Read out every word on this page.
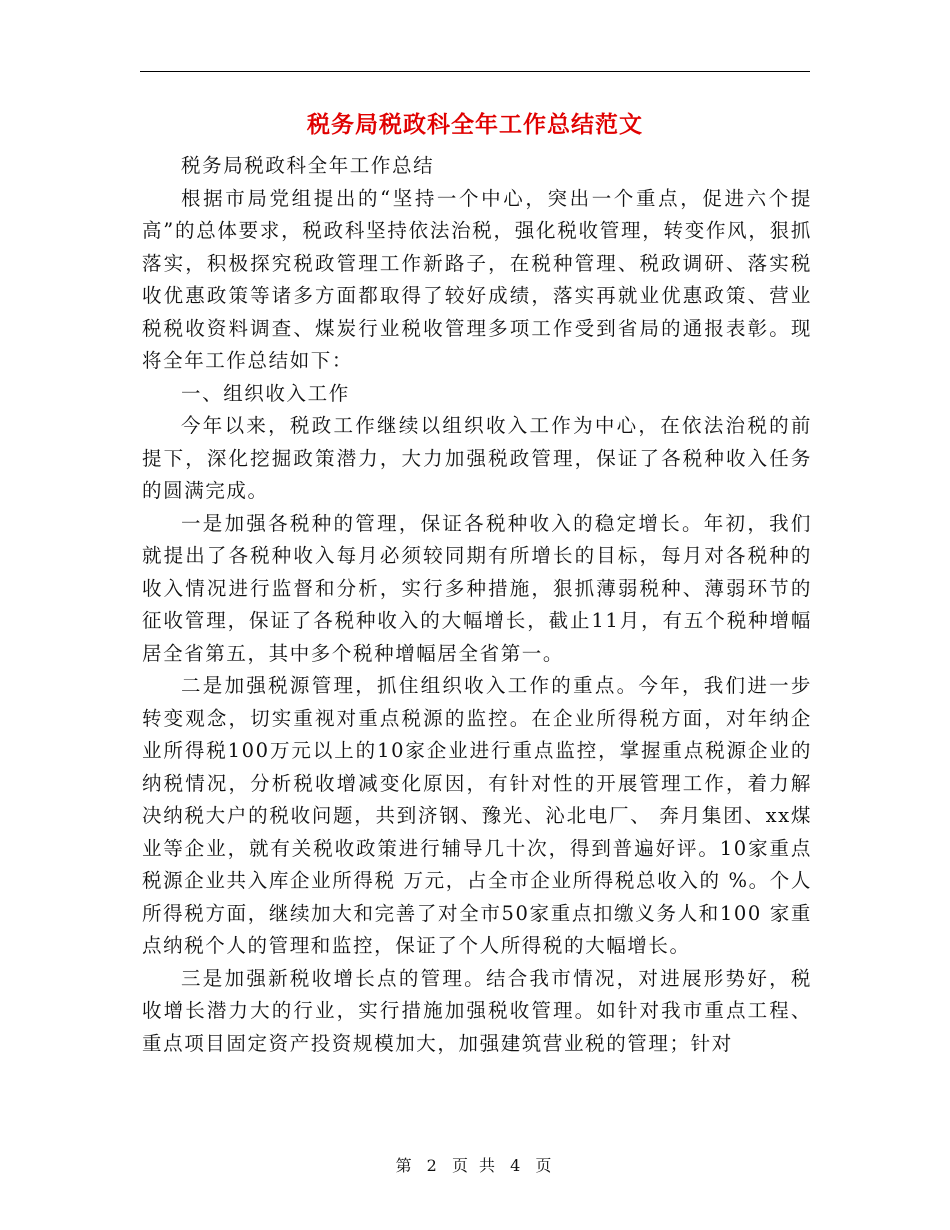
税务局税政科全年工作总结范文

税务局税政科全年工作总结

根据市局党组提出的“坚持一个中心，突出一个重点，促进六个提高”的总体要求，税政科坚持依法治税，强化税收管理，转变作风，狠抓落实，积极探究税政管理工作新路子，在税种管理、税政调研、落实税收优惠政策等诸多方面都取得了较好成绩，落实再就业优惠政策、营业税税收资料调查、煤炭行业税收管理多项工作受到省局的通报表彰。现将全年工作总结如下：

一、组织收入工作

今年以来，税政工作继续以组织收入工作为中心，在依法治税的前提下，深化挖掘政策潜力，大力加强税政管理，保证了各税种收入任务的圆满完成。

一是加强各税种的管理，保证各税种收入的稳定增长。年初，我们就提出了各税种收入每月必须较同期有所增长的目标，每月对各税种的收入情况进行监督和分析，实行多种措施，狠抓薄弱税种、薄弱环节的征收管理，保证了各税种收入的大幅增长，截止11月，有五个税种增幅居全省第五，其中多个税种增幅居全省第一。

二是加强税源管理，抓住组织收入工作的重点。今年，我们进一步转变观念，切实重视对重点税源的监控。在企业所得税方面，对年纳企业所得税100万元以上的10家企业进行重点监控，掌握重点税源企业的纳税情况，分析税收增减变化原因，有针对性的开展管理工作，着力解决纳税大户的税收问题，共到济钢、豫光、沁北电厂、 奔月集团、xx煤业等企业，就有关税收政策进行辅导几十次，得到普遍好评。10家重点税源企业共入库企业所得税 万元，占全市企业所得税总收入的 %。个人所得税方面，继续加大和完善了对全市50家重点扣缴义务人和100 家重点纳税个人的管理和监控，保证了个人所得税的大幅增长。

三是加强新税收增长点的管理。结合我市情况，对进展形势好，税收增长潜力大的行业，实行措施加强税收管理。如针对我市重点工程、重点项目固定资产投资规模加大，加强建筑营业税的管理；针对

第 2 页 共 4 页
